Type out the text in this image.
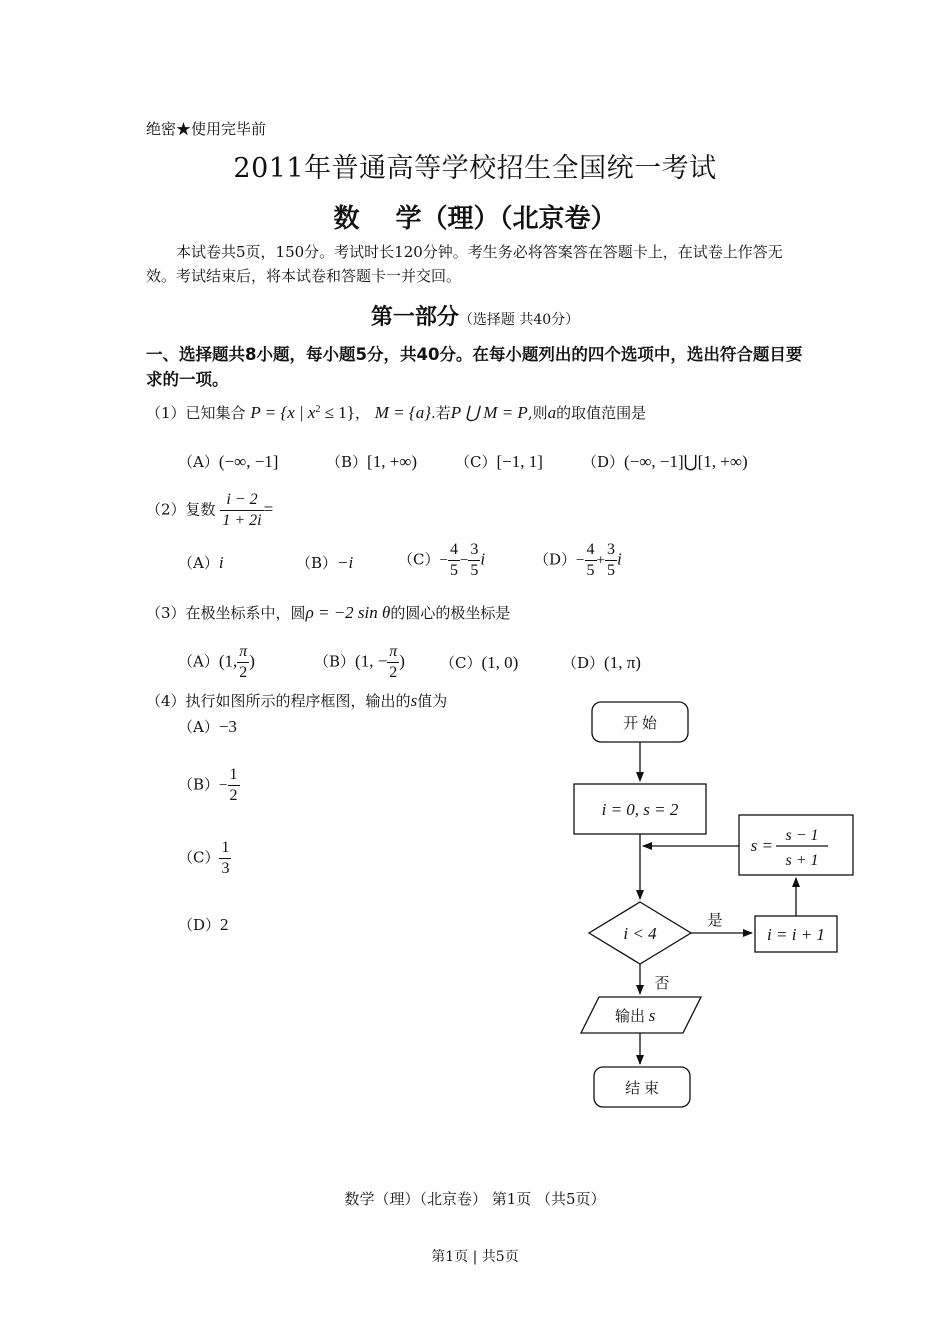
绝密★使用完毕前
2011年普通高等学校招生全国统一考试
数 学（理）（北京卷）
本试卷共5页，150分。考试时长120分钟。考生务必将答案答在答题卡上，在试卷上作答无效。考试结束后，将本试卷和答题卡一并交回。
第一部分（选择题 共40分）
一、选择题共8小题，每小题5分，共40分。在每小题列出的四个选项中，选出符合题目要求的一项。
（1）已知集合 P = {x | $x^2 \le 1$}， M = {a}.若P ⋃ M = P,则a的取值范围是
（A）(−∞, −1]	（B）[1, +∞)	（C）[−1, 1]	（D）(−∞, −1]⋃[1, +∞)
（2）复数 $\frac{i - 2}{1 + 2i}$ =
（A）i	（B）−i	$(C)- \frac{4}{5} - \frac{3}{5}$ i	$(D)- \frac{4}{5} + \frac{3}{5}$ i
（3）在极坐标系中，圆ρ = −2 sin θ的圆心的极坐标是
（A）(1, $\frac{\pi}{2}$ )	（B）(1, − $\frac{\pi}{2}$ ) （C）(1, 0)	（D）(1, π)
（4）执行如图所示的程序框图，输出的s值为
（A）−3
$(B)- \frac{1}{2}$
$(C) \frac{1}{3}$
（D）2
开 始
i = 0, s = 2
i < 4
是
否
i = i + 1
s =
s − 1
s + 1
输出 s
结 束
数学（理）（北京卷） 第1页 （共5页）
第1页 | 共5页
